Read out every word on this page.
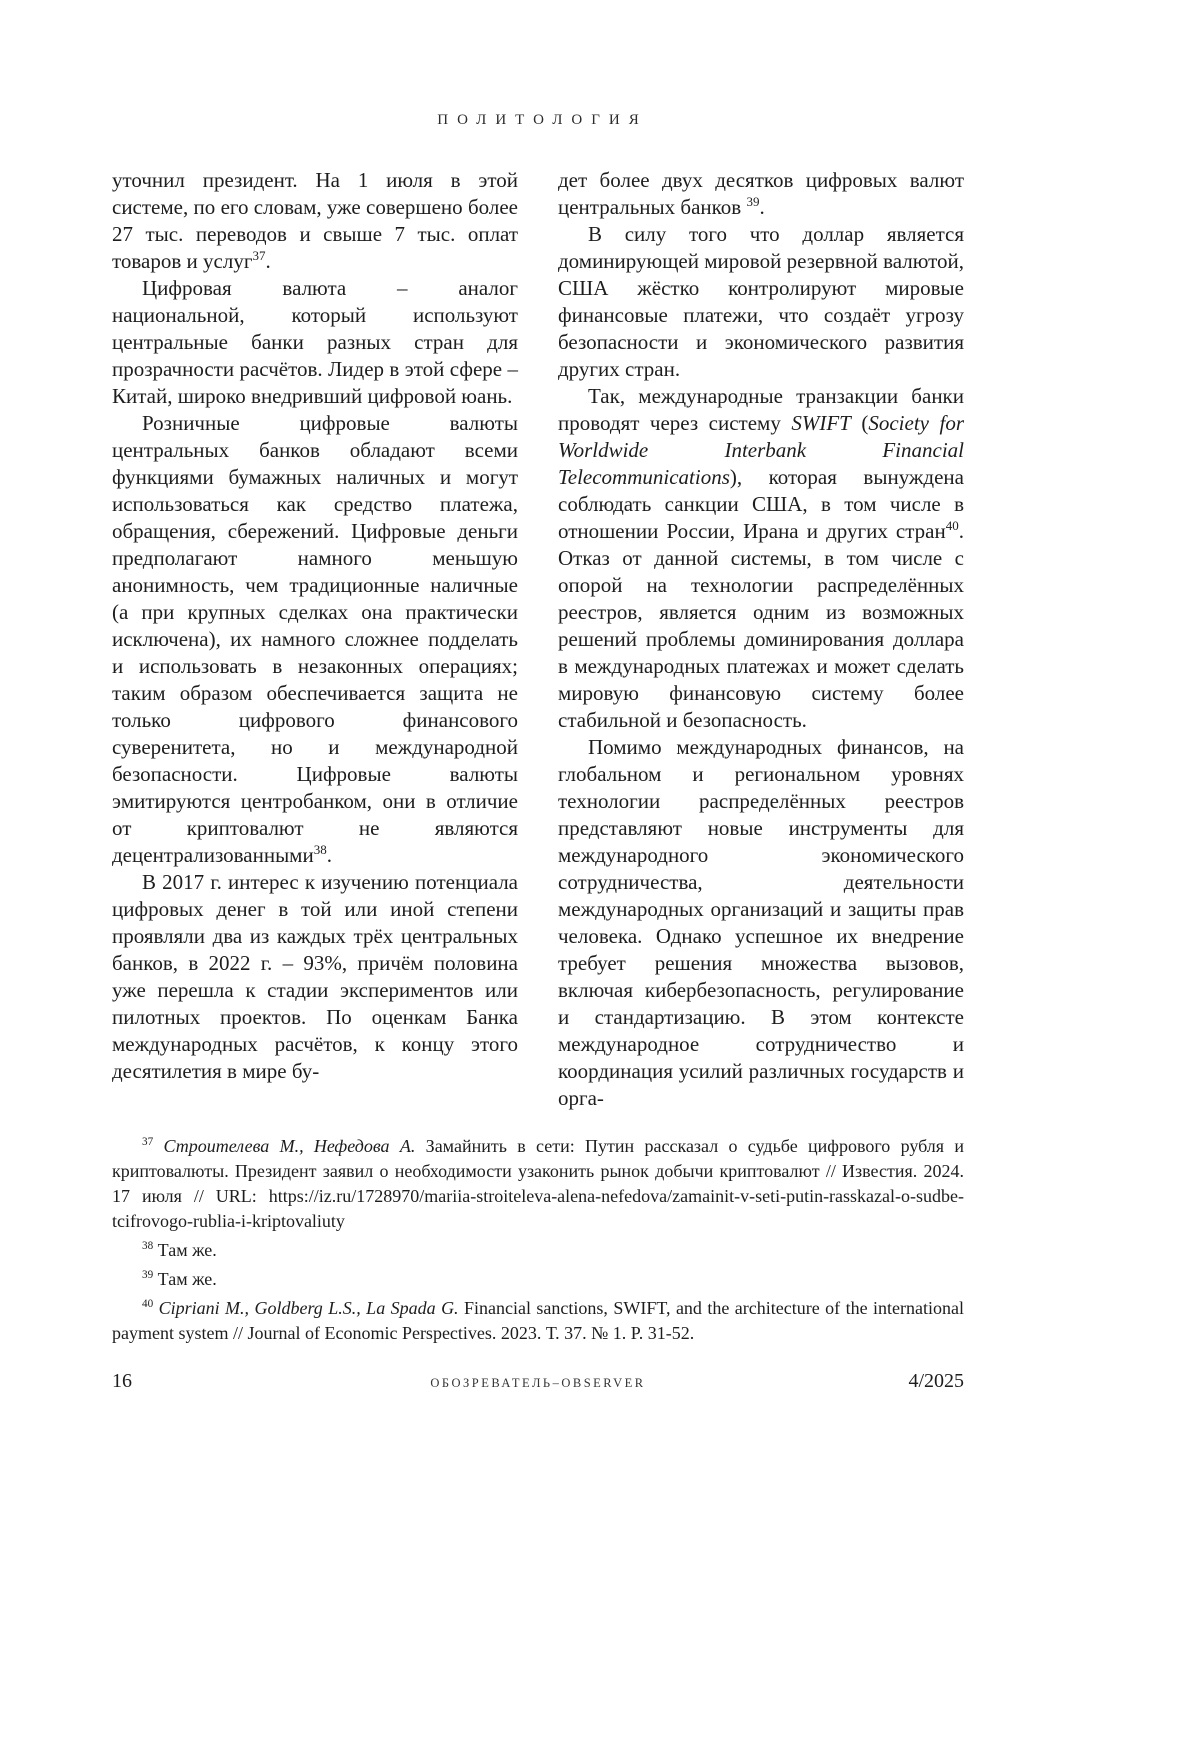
ПОЛИТОЛОГИЯ

уточнил президент. На 1 июля в этой системе, по его словам, уже совершено более 27 тыс. переводов и свыше 7 тыс. оплат товаров и услуг$^{37}$.

Цифровая валюта – аналог национальной, который используют центральные банки разных стран для прозрачности расчётов. Лидер в этой сфере – Китай, широко внедривший цифровой юань.

Розничные цифровые валюты центральных банков обладают всеми функциями бумажных наличных и могут использоваться как средство платежа, обращения, сбережений. Цифровые деньги предполагают намного меньшую анонимность, чем традиционные наличные (а при крупных сделках она практически исключена), их намного сложнее подделать и использовать в незаконных операциях; таким образом обеспечивается защита не только цифрового финансового суверенитета, но и международной безопасности. Цифровые валюты эмитируются центробанком, они в отличие от криптовалют не являются децентрализованными$^{38}$.

В 2017 г. интерес к изучению потенциала цифровых денег в той или иной степени проявляли два из каждых трёх центральных банков, в 2022 г. – 93%, причём половина уже перешла к стадии экспериментов или пилотных проектов. По оценкам Банка международных расчётов, к концу этого десятилетия в мире бу-

дет более двух десятков цифровых валют центральных банков $^{39}$.

В силу того что доллар является доминирующей мировой резервной валютой, США жёстко контролируют мировые финансовые платежи, что создаёт угрозу безопасности и экономического развития других стран.

Так, международные транзакции банки проводят через систему SWIFT (Society for Worldwide Interbank Financial Telecommunications), которая вынуждена соблюдать санкции США, в том числе в отношении России, Ирана и других стран$^{40}$. Отказ от данной системы, в том числе с опорой на технологии распределённых реестров, является одним из возможных решений проблемы доминирования доллара в международных платежах и может сделать мировую финансовую систему более стабильной и безопасность.

Помимо международных финансов, на глобальном и региональном уровнях технологии распределённых реестров представляют новые инструменты для международного экономического сотрудничества, деятельности международных организаций и защиты прав человека. Однако успешное их внедрение требует решения множества вызовов, включая кибербезопасность, регулирование и стандартизацию. В этом контексте международное сотрудничество и координация усилий различных государств и орга-

$^{37}$ Строителева М., Нефедова А. Замайнить в сети: Путин рассказал о судьбе цифрового рубля и криптовалюты. Президент заявил о необходимости узаконить рынок добычи криптовалют // Известия. 2024. 17 июля // URL: https://iz.ru/1728970/mariia-stroiteleva-alena-nefedova/zamainit-v-seti-putin-rasskazal-o-sudbe-tcifrovogo-rublia-i-kriptovaliuty

$^{38}$ Там же.

$^{39}$ Там же.

$^{40}$ Cipriani M., Goldberg L.S., La Spada G. Financial sanctions, SWIFT, and the architecture of the international payment system // Journal of Economic Perspectives. 2023. Т. 37. № 1. P. 31-52.

16	ОБОЗРЕВАТЕЛЬ–OBSERVER	4/2025
